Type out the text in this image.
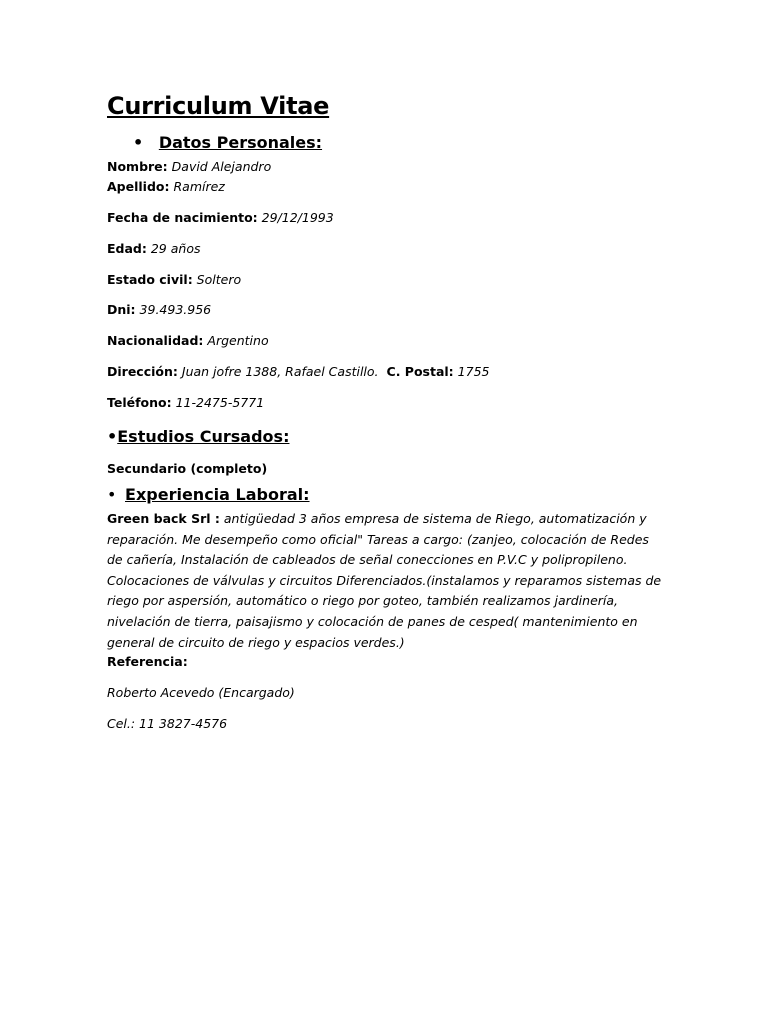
Curriculum Vitae
• Datos Personales:

Nombre: David Alejandro

Apellido: Ramírez

Fecha de nacimiento: 29/12/1993

Edad: 29 años

Estado civil: Soltero

Dni: 39.493.956

Nacionalidad: Argentino

Dirección: Juan jofre 1388, Rafael Castillo. C. Postal: 1755

Teléfono: 11-2475-5771

•Estudios Cursados:

Secundario (completo)

• Experiencia Laboral:

Green back Srl : antigüedad 3 años empresa de sistema de Riego, automatización y reparación. Me desempeño como oficial" Tareas a cargo: (zanjeo, colocación de Redes de cañería, Instalación de cableados de señal conecciones en P.V.C y polipropileno. Colocaciones de válvulas y circuitos Diferenciados.(instalamos y reparamos sistemas de riego por aspersión, automático o riego por goteo, también realizamos jardinería, nivelación de tierra, paisajismo y colocación de panes de cesped( mantenimiento en general de circuito de riego y espacios verdes.)

Referencia:

Roberto Acevedo (Encargado)

Cel.: 11 3827-4576
